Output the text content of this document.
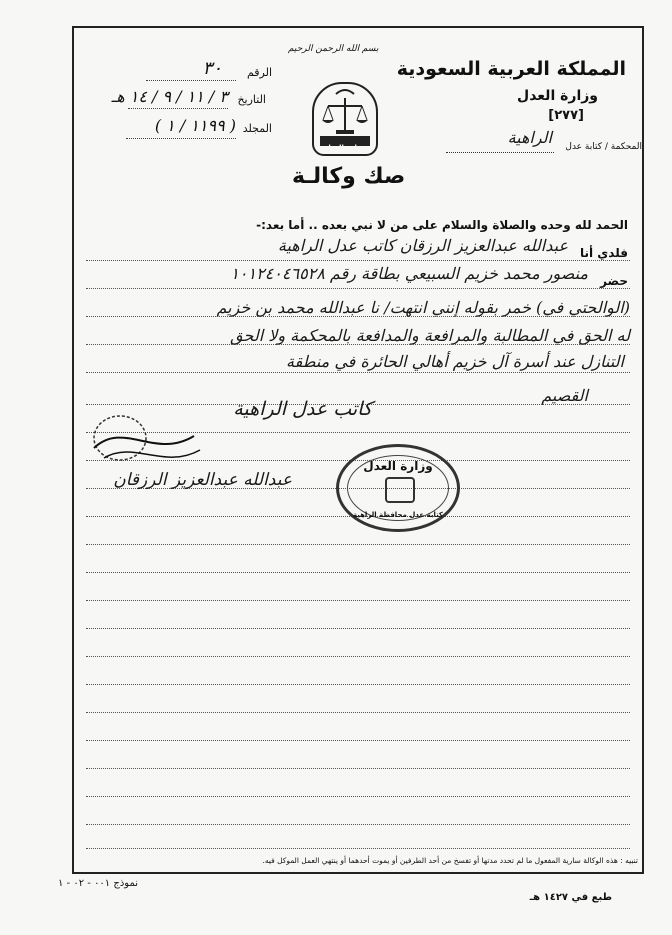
المملكة العربية السعودية
وزارة العدل
[٢٧٧]
المحكمة / كتابة عدل
الراهية
الرقم
٣٠
التاريخ
٣ / ١١ / ٩ / ١٤ هـ
المجلد
( ١١٩٩ / ١ )
بسم الله الرحمن الرحيم
وزارة العدل
صك وكالـة
الحمد لله وحده والصلاة والسلام على من لا نبي بعده .. أما بعد:-
فلدي أنا
عبدالله عبدالعزيز الرزقان كاتب عدل الراهية
حضر
منصور محمد خزيم السبيعي بطاقة رقم ١٠١٢٤٠٤٦٥٢٨
(الوالحتي في) خمر بقوله إنني انتهت/ نا عبدالله محمد بن خزيم
له الحق في المطالبة والمرافعة والمدافعة بالمحكمة ولا الحق
التنازل عند أسرة آل خزيم أهالي الحائرة في منطقة
القصيم
كاتب عدل الراهية
عبدالله عبدالعزيز الرزقان
وزارة العدل
كتابة عدل محافظة الراهية
تنبيه : هذه الوكالة سارية المفعول ما لم تحدد مدتها أو تفسخ من أحد الطرفين أو يموت أحدهما أو ينتهي العمل الموكل فيه.
نموذج ٠٠١ - ٠٢ - ١
طبع في ١٤٢٧ هـ
